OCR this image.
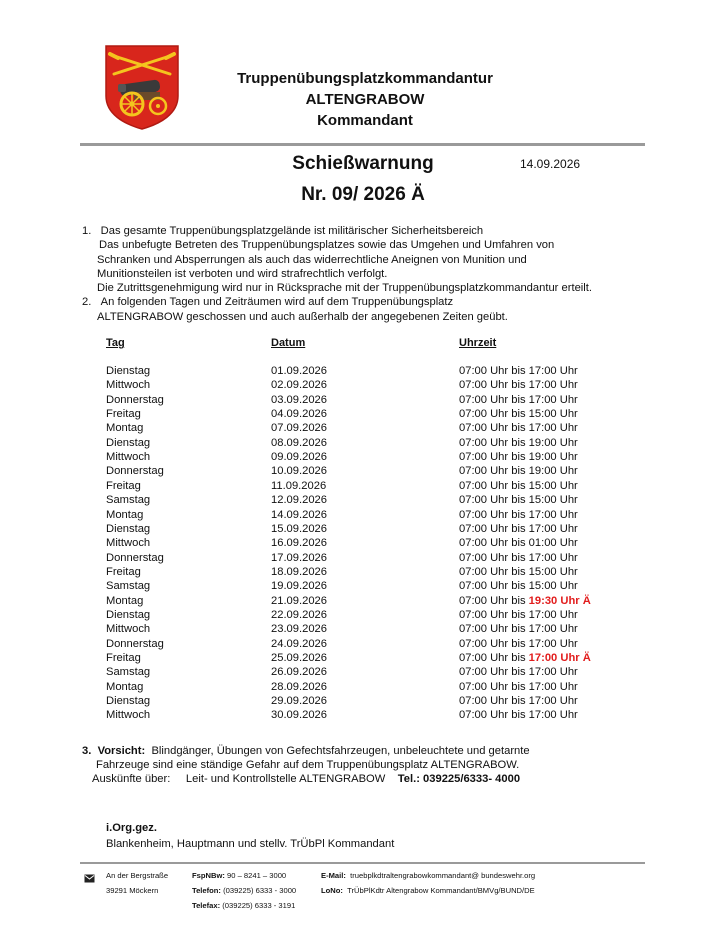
Truppenübungsplatzkommandantur
ALTENGRABOW
Kommandant
Schießwarnung
Nr. 09/ 2026 Ä
14.09.2026
1. Das gesamte Truppenübungsplatzgelände ist militärischer Sicherheitsbereich
Das unbefugte Betreten des Truppenübungsplatzes sowie das Umgehen und Umfahren von
Schranken und Absperrungen als auch das widerrechtliche Aneignen von Munition und
Munitionsteilen ist verboten und wird strafrechtlich verfolgt.
Die Zutrittsgenehmigung wird nur in Rücksprache mit der Truppenübungsplatzkommandantur erteilt.
2. An folgenden Tagen und Zeiträumen wird auf dem Truppenübungsplatz
ALTENGRABOW geschossen und auch außerhalb der angegebenen Zeiten geübt.
Tag	Datum	Uhrzeit
Dienstag	01.09.2026	07:00 Uhr bis 17:00 Uhr
Mittwoch	02.09.2026	07:00 Uhr bis 17:00 Uhr
Donnerstag	03.09.2026	07:00 Uhr bis 17:00 Uhr
Freitag	04.09.2026	07:00 Uhr bis 15:00 Uhr
Montag	07.09.2026	07:00 Uhr bis 17:00 Uhr
Dienstag	08.09.2026	07:00 Uhr bis 19:00 Uhr
Mittwoch	09.09.2026	07:00 Uhr bis 19:00 Uhr
Donnerstag	10.09.2026	07:00 Uhr bis 19:00 Uhr
Freitag	11.09.2026	07:00 Uhr bis 15:00 Uhr
Samstag	12.09.2026	07:00 Uhr bis 15:00 Uhr
Montag	14.09.2026	07:00 Uhr bis 17:00 Uhr
Dienstag	15.09.2026	07:00 Uhr bis 17:00 Uhr
Mittwoch	16.09.2026	07:00 Uhr bis 01:00 Uhr
Donnerstag	17.09.2026	07:00 Uhr bis 17:00 Uhr
Freitag	18.09.2026	07:00 Uhr bis 15:00 Uhr
Samstag	19.09.2026	07:00 Uhr bis 15:00 Uhr
Montag	21.09.2026	07:00 Uhr bis 19:30 Uhr Ä
Dienstag	22.09.2026	07:00 Uhr bis 17:00 Uhr
Mittwoch	23.09.2026	07:00 Uhr bis 17:00 Uhr
Donnerstag	24.09.2026	07:00 Uhr bis 17:00 Uhr
Freitag	25.09.2026	07:00 Uhr bis 17:00 Uhr Ä
Samstag	26.09.2026	07:00 Uhr bis 17:00 Uhr
Montag	28.09.2026	07:00 Uhr bis 17:00 Uhr
Dienstag	29.09.2026	07:00 Uhr bis 17:00 Uhr
Mittwoch	30.09.2026	07:00 Uhr bis 17:00 Uhr
3. Vorsicht: Blindgänger, Übungen von Gefechtsfahrzeugen, unbeleuchtete und getarnte
Fahrzeuge sind eine ständige Gefahr auf dem Truppenübungsplatz ALTENGRABOW.
Auskünfte über: Leit- und Kontrollstelle ALTENGRABOW Tel.: 039225/6333- 4000
i.Org.gez.
Blankenheim, Hauptmann und stellv. TrÜbPl Kommandant
An der Bergstraße
39291 Möckern
FspNBw: 90 – 8241 – 3000
Telefon: (039225) 6333 - 3000
Telefax: (039225) 6333 - 3191
E-Mail: truebplkdtraltengrabowkommandant@ bundeswehr.org
LoNo: TrÜbPlKdtr Altengrabow Kommandant/BMVg/BUND/DE
